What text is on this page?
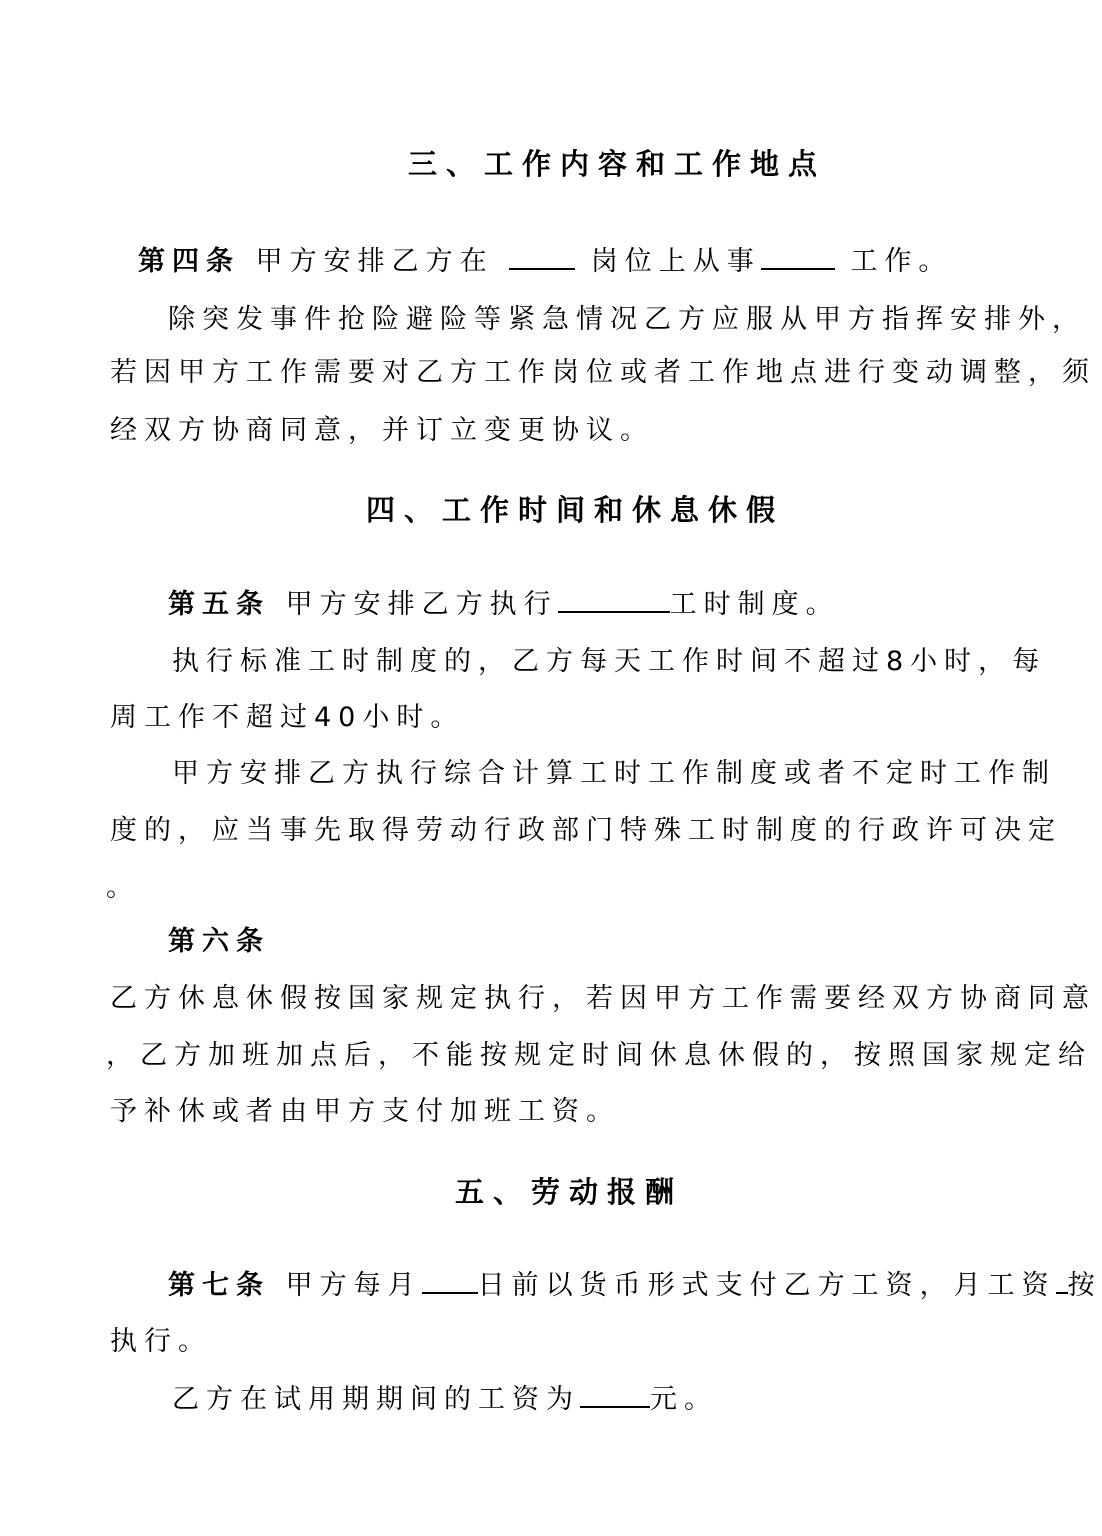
三、工作内容和工作地点
第四条 甲方安排乙方在	岗位上从事	工作。
除突发事件抢险避险等紧急情况乙方应服从甲方指挥安排外，
若因甲方工作需要对乙方工作岗位或者工作地点进行变动调整，须
经双方协商同意，并订立变更协议。
四、工作时间和休息休假
第五条 甲方安排乙方执行	工时制度。
执行标准工时制度的，乙方每天工作时间不超过8小时，每
周工作不超过40小时。
甲方安排乙方执行综合计算工时工作制度或者不定时工作制
度的，应当事先取得劳动行政部门特殊工时制度的行政许可决定
。
第六条
乙方休息休假按国家规定执行，若因甲方工作需要经双方协商同意
，乙方加班加点后，不能按规定时间休息休假的，按照国家规定给
予补休或者由甲方支付加班工资。
五、劳动报酬
第七条 甲方每月 日前以货币形式支付乙方工资，月工资 按
执行。
乙方在试用期期间的工资为	元。
